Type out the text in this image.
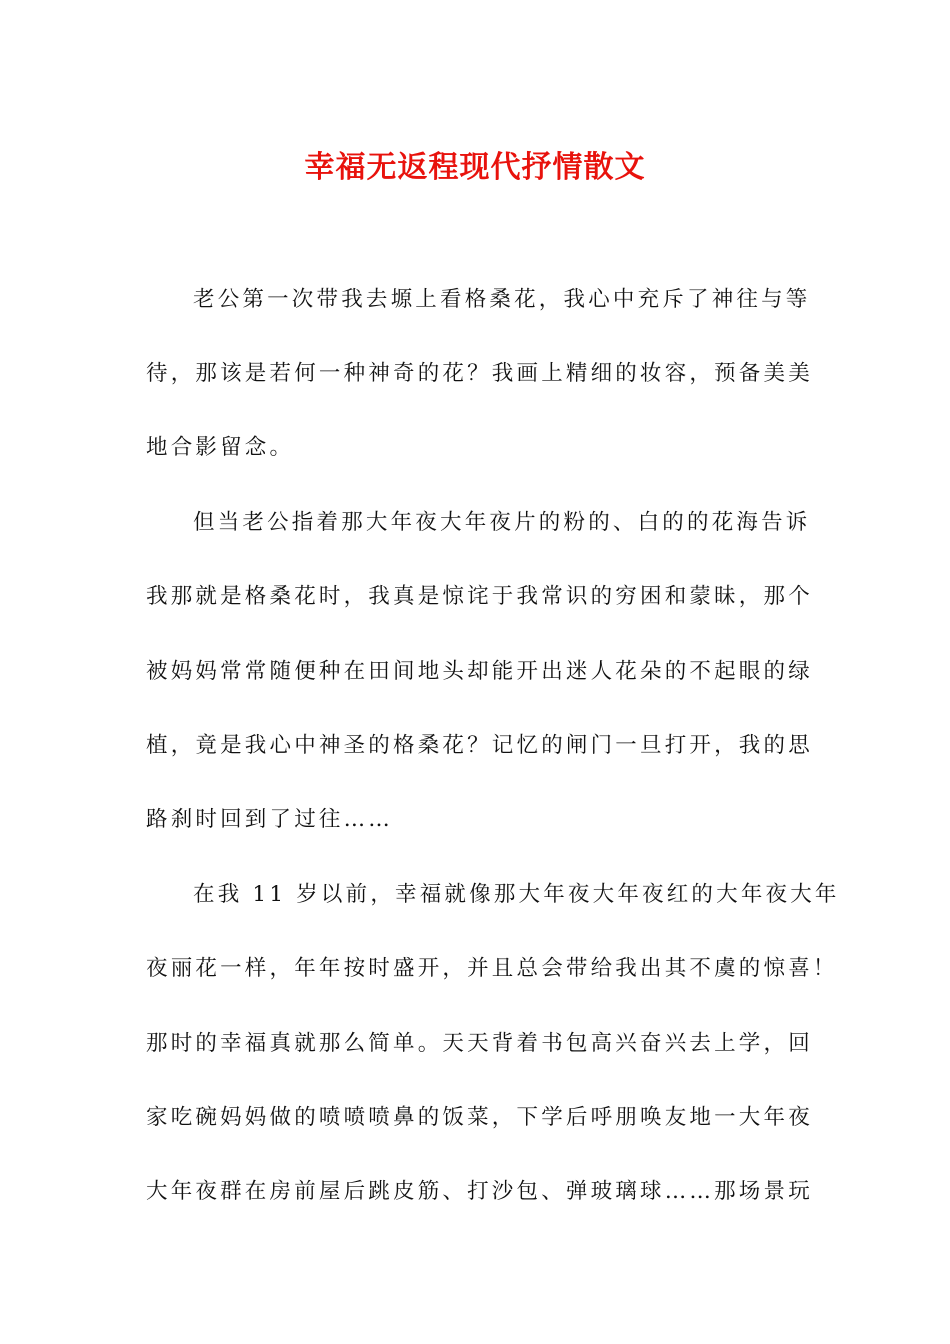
幸福无返程现代抒情散文
老公第一次带我去塬上看格桑花，我心中充斥了神往与等
待，那该是若何一种神奇的花？我画上精细的妆容，预备美美
地合影留念。
但当老公指着那大年夜大年夜片的粉的、白的的花海告诉
我那就是格桑花时，我真是惊诧于我常识的穷困和蒙昧，那个
被妈妈常常随便种在田间地头却能开出迷人花朵的不起眼的绿
植，竟是我心中神圣的格桑花？记忆的闸门一旦打开，我的思
路刹时回到了过往……
在我 11 岁以前，幸福就像那大年夜大年夜红的大年夜大年
夜丽花一样，年年按时盛开，并且总会带给我出其不虞的惊喜！
那时的幸福真就那么简单。天天背着书包高兴奋兴去上学，回
家吃碗妈妈做的喷喷喷鼻的饭菜，下学后呼朋唤友地一大年夜
大年夜群在房前屋后跳皮筋、打沙包、弹玻璃球……那场景玩
